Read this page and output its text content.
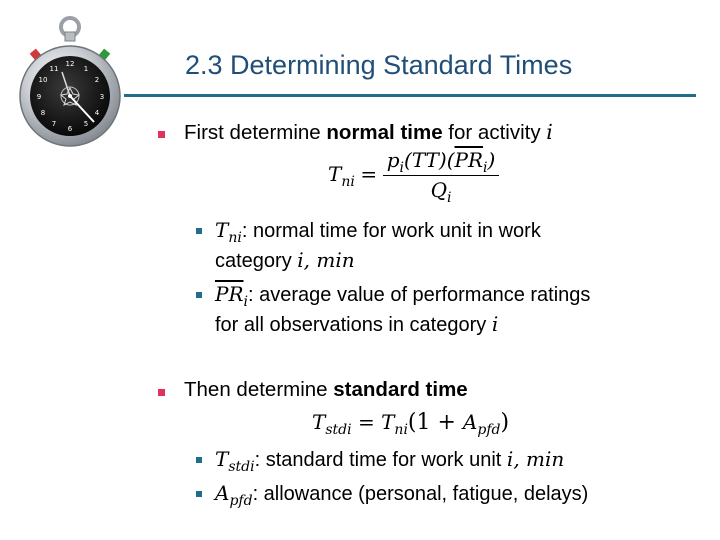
12
1
2
3
4
5
6
7
8
9
10
11	2.3 Determining Standard Times
First determine normal time for activity i
$T_{ni} = \frac{p_i(TT)(\overline{PR}_i)}{Q_i}$
$T_{ni}$: normal time for work unit in work
category i, min
$\overline{PR}_i$: average value of performance ratings
for all observations in category i
Then determine standard time
$T_{stdi} = T_{ni}(1 + A_{pfd})$
$T_{stdi}$: standard time for work unit i, min
$A_{pfd}$: allowance (personal, fatigue, delays)
